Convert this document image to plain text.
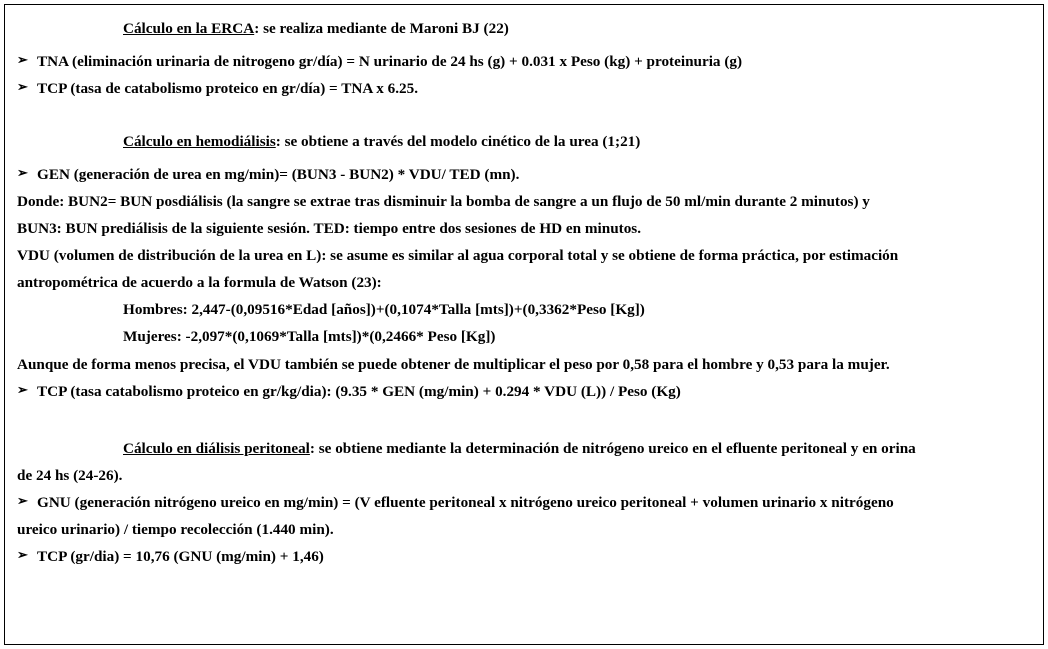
Cálculo en la ERCA: se realiza mediante de Maroni BJ (22)
➢ TNA (eliminación urinaria de nitrogeno gr/día) = N urinario de 24 hs (g) + 0.031 x Peso (kg) + proteinuria (g)
➢ TCP (tasa de catabolismo proteico en gr/día) = TNA x 6.25.
Cálculo en hemodiálisis: se obtiene a través del modelo cinético de la urea (1;21)
➢ GEN (generación de urea en mg/min)= (BUN3 - BUN2) * VDU/ TED (mn).
Donde: BUN2= BUN posdiálisis (la sangre se extrae tras disminuir la bomba de sangre a un flujo de 50 ml/min durante 2 minutos) y
BUN3: BUN prediálisis de la siguiente sesión. TED: tiempo entre dos sesiones de HD en minutos.
VDU (volumen de distribución de la urea en L): se asume es similar al agua corporal total y se obtiene de forma práctica, por estimación
antropométrica de acuerdo a la formula de Watson (23):
Hombres: 2,447-(0,09516*Edad [años])+(0,1074*Talla [mts])+(0,3362*Peso [Kg])
Mujeres: -2,097*(0,1069*Talla [mts])*(0,2466* Peso [Kg])
Aunque de forma menos precisa, el VDU también se puede obtener de multiplicar el peso por 0,58 para el hombre y 0,53 para la mujer.
➢ TCP (tasa catabolismo proteico en gr/kg/dia): (9.35 * GEN (mg/min) + 0.294 * VDU (L)) / Peso (Kg)
Cálculo en diálisis peritoneal: se obtiene mediante la determinación de nitrógeno ureico en el efluente peritoneal y en orina
de 24 hs (24-26).
➢ GNU (generación nitrógeno ureico en mg/min) = (V efluente peritoneal x nitrógeno ureico peritoneal + volumen urinario x nitrógeno
ureico urinario) / tiempo recolección (1.440 min).
➢ TCP (gr/dia) = 10,76 (GNU (mg/min) + 1,46)
